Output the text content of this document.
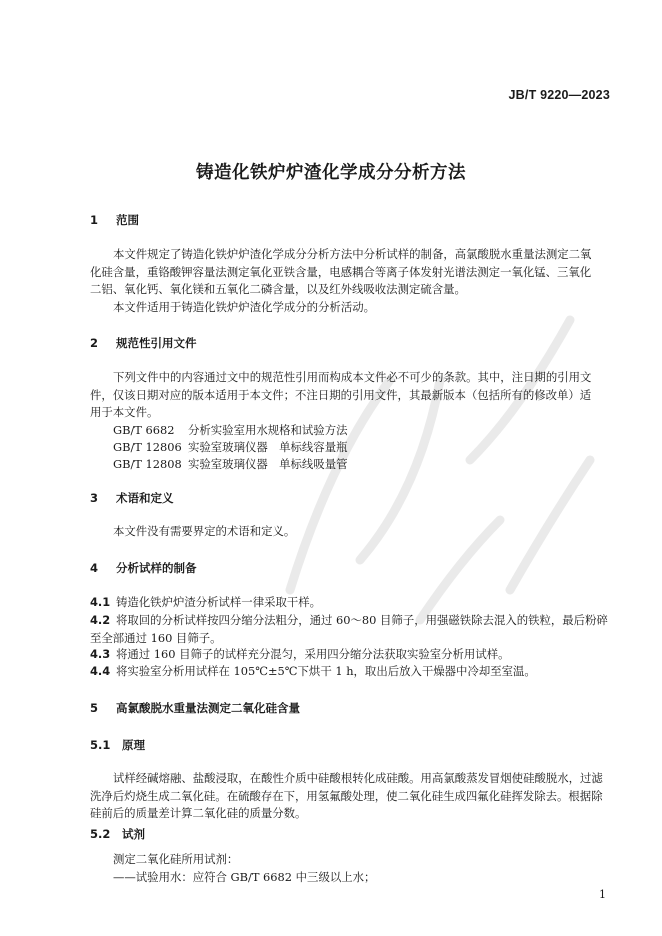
JB/T 9220—2023
铸造化铁炉炉渣化学成分分析方法
1 范围
本文件规定了铸造化铁炉炉渣化学成分分析方法中分析试样的制备，高氯酸脱水重量法测定二氧
化硅含量，重铬酸钾容量法测定氧化亚铁含量，电感耦合等离子体发射光谱法测定一氧化锰、三氧化
二铝、氧化钙、氧化镁和五氧化二磷含量，以及红外线吸收法测定硫含量。
本文件适用于铸造化铁炉炉渣化学成分的分析活动。
2 规范性引用文件
下列文件中的内容通过文中的规范性引用而构成本文件必不可少的条款。其中，注日期的引用文
件，仅该日期对应的版本适用于本文件；不注日期的引用文件，其最新版本（包括所有的修改单）适
用于本文件。
GB/T 6682 分析实验室用水规格和试验方法
GB/T 12806 实验室玻璃仪器　单标线容量瓶
GB/T 12808 实验室玻璃仪器　单标线吸量管
3 术语和定义
本文件没有需要界定的术语和定义。
4 分析试样的制备
4.1 铸造化铁炉炉渣分析试样一律采取干样。
4.2 将取回的分析试样按四分缩分法粗分，通过 60～80 目筛子，用强磁铁除去混入的铁粒，最后粉碎
至全部通过 160 目筛子。
4.3 将通过 160 目筛子的试样充分混匀，采用四分缩分法获取实验室分析用试样。
4.4 将实验室分析用试样在 105℃±5℃下烘干 1 h，取出后放入干燥器中冷却至室温。
5 高氯酸脱水重量法测定二氧化硅含量
5.1 原理
试样经碱熔融、盐酸浸取，在酸性介质中硅酸根转化成硅酸。用高氯酸蒸发冒烟使硅酸脱水，过滤
洗净后灼烧生成二氧化硅。在硫酸存在下，用氢氟酸处理，使二氧化硅生成四氟化硅挥发除去。根据除
硅前后的质量差计算二氧化硅的质量分数。
5.2 试剂
测定二氧化硅所用试剂：
——试验用水：应符合 GB/T 6682 中三级以上水；
1
